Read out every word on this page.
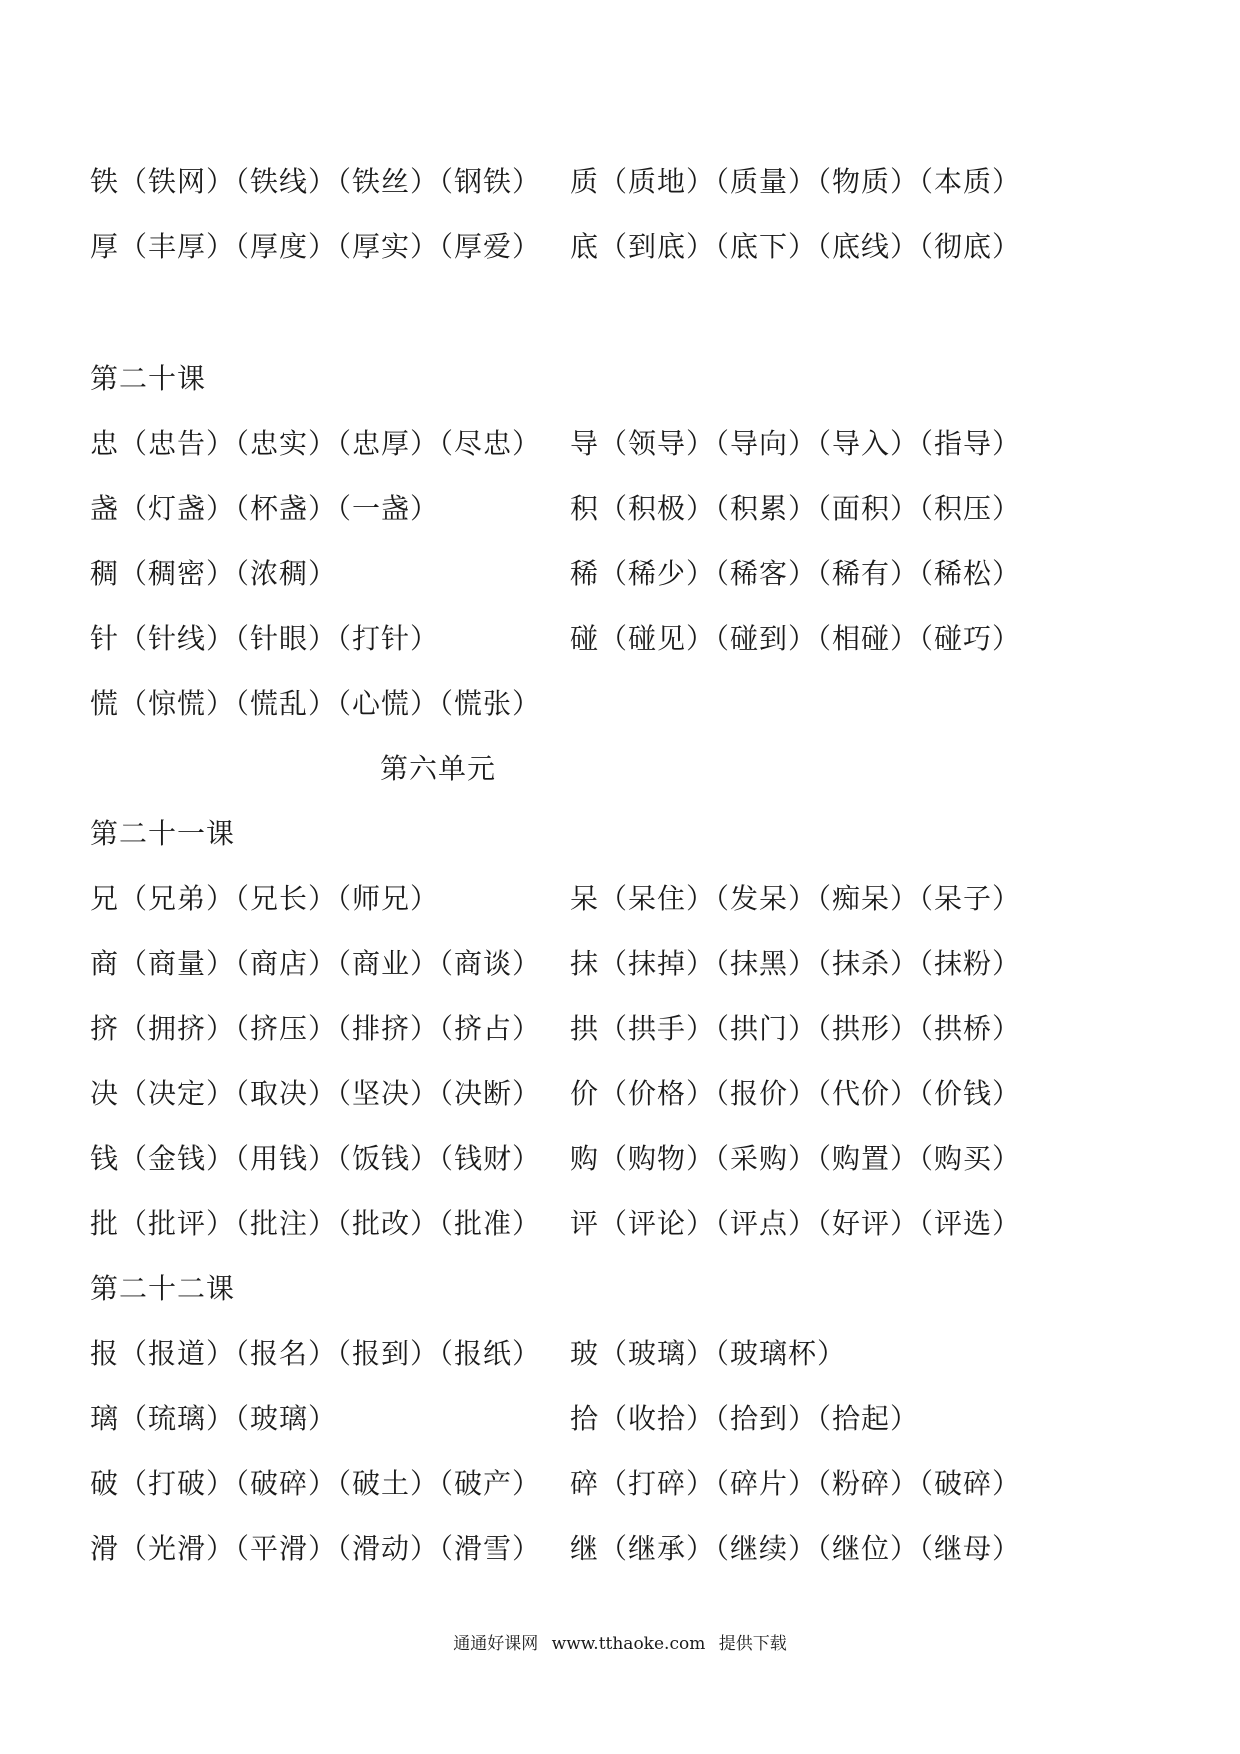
铁（铁网）（铁线）（铁丝）（钢铁） 质（质地）（质量）（物质）（本质）
厚（丰厚）（厚度）（厚实）（厚爱） 底（到底）（底下）（底线）（彻底）
第二十课
忠（忠告）（忠实）（忠厚）（尽忠） 导（领导）（导向）（导入）（指导）
盏（灯盏）（杯盏）（一盏）	积（积极）（积累）（面积）（积压）
稠（稠密）（浓稠）	稀（稀少）（稀客）（稀有）（稀松）
针（针线）（针眼）（打针）	碰（碰见）（碰到）（相碰）（碰巧）
慌（惊慌）（慌乱）（心慌）（慌张）
第六单元
第二十一课
兄（兄弟）（兄长）（师兄）	呆（呆住）（发呆）（痴呆）（呆子）
商（商量）（商店）（商业）（商谈） 抹（抹掉）（抹黑）（抹杀）（抹粉）
挤（拥挤）（挤压）（排挤）（挤占） 拱（拱手）（拱门）（拱形）（拱桥）
决（决定）（取决）（坚决）（决断） 价（价格）（报价）（代价）（价钱）
钱（金钱）（用钱）（饭钱）（钱财） 购（购物）（采购）（购置）（购买）
批（批评）（批注）（批改）（批准） 评（评论）（评点）（好评）（评选）
第二十二课
报（报道）（报名）（报到）（报纸） 玻（玻璃）（玻璃杯）
璃（琉璃）（玻璃）	拾（收拾）（拾到）（拾起）
破（打破）（破碎）（破土）（破产） 碎（打碎）（碎片）（粉碎）（破碎）
滑（光滑）（平滑）（滑动）（滑雪） 继（继承）（继续）（继位）（继母）
通通好课网 www.tthaoke.com 提供下载
